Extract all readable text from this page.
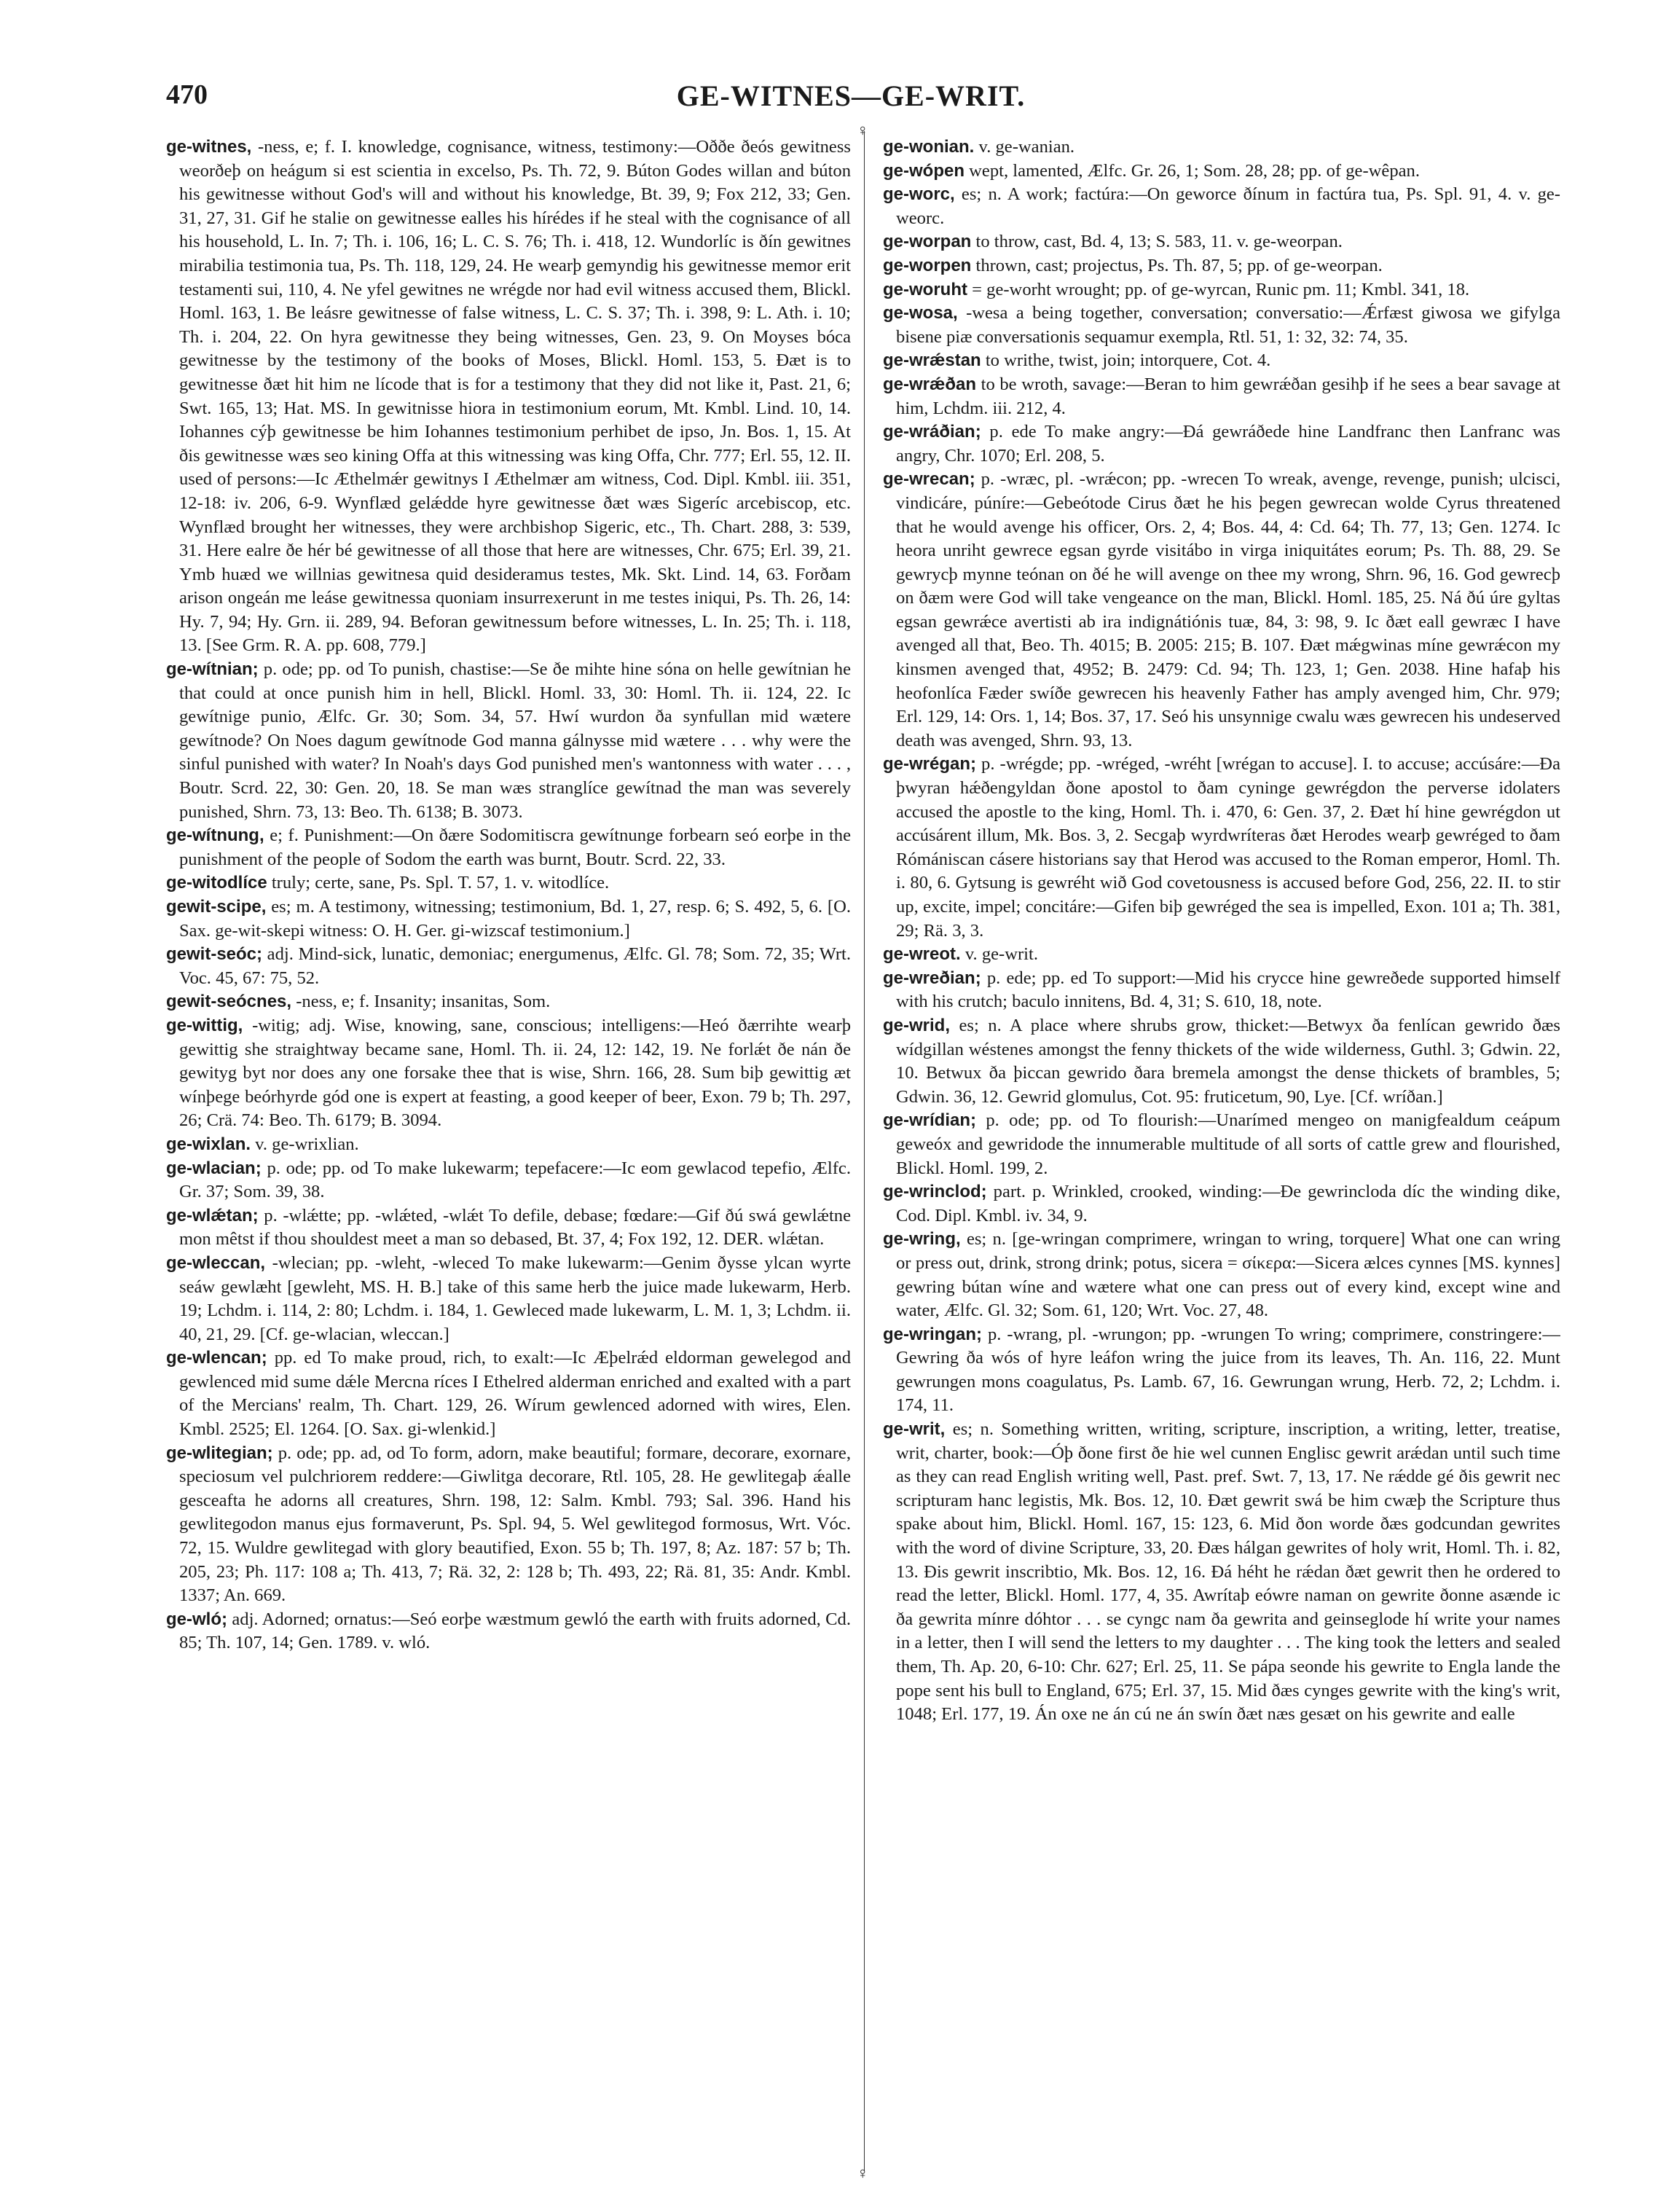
470	GE-WITNES—GE-WRIT.
♀
♀

ge-witnes, -ness, e; f. I. knowledge, cognisance, witness, testimony:—Oððe ðeós gewitness weorðeþ on heágum si est scientia in excelso, Ps. Th. 72, 9. Búton Godes willan and búton his gewitnesse without God's will and without his knowledge, Bt. 39, 9; Fox 212, 33; Gen. 31, 27, 31. Gif he stalie on gewitnesse ealles his hírédes if he steal with the cognisance of all his household, L. In. 7; Th. i. 106, 16; L. C. S. 76; Th. i. 418, 12. Wundorlíc is ðín gewitnes mirabilia testimonia tua, Ps. Th. 118, 129, 24. He wearþ gemyndig his gewitnesse memor erit testamenti sui, 110, 4. Ne yfel gewitnes ne wrégde nor had evil witness accused them, Blickl. Homl. 163, 1. Be leásre gewitnesse of false witness, L. C. S. 37; Th. i. 398, 9: L. Ath. i. 10; Th. i. 204, 22. On hyra gewitnesse they being witnesses, Gen. 23, 9. On Moyses bóca gewitnesse by the testimony of the books of Moses, Blickl. Homl. 153, 5. Ðæt is to gewitnesse ðæt hit him ne lícode that is for a testimony that they did not like it, Past. 21, 6; Swt. 165, 13; Hat. MS. In gewitnisse hiora in testimonium eorum, Mt. Kmbl. Lind. 10, 14. Iohannes cýþ gewitnesse be him Iohannes testimonium perhibet de ipso, Jn. Bos. 1, 15. At ðis gewitnesse wæs seo kining Offa at this witnessing was king Offa, Chr. 777; Erl. 55, 12. II. used of persons:—Ic Æthelmǽr gewitnys I Æthelmær am witness, Cod. Dipl. Kmbl. iii. 351, 12-18: iv. 206, 6-9. Wynflæd gelǽdde hyre gewitnesse ðæt wæs Sigeríc arcebiscop, etc. Wynflæd brought her witnesses, they were archbishop Sigeric, etc., Th. Chart. 288, 3: 539, 31. Here ealre ðe hér bé gewitnesse of all those that here are witnesses, Chr. 675; Erl. 39, 21. Ymb huæd we willnias gewitnesa quid desideramus testes, Mk. Skt. Lind. 14, 63. Forðam arison ongeán me leáse gewitnessa quoniam insurrexerunt in me testes iniqui, Ps. Th. 26, 14: Hy. 7, 94; Hy. Grn. ii. 289, 94. Beforan gewitnessum before witnesses, L. In. 25; Th. i. 118, 13. [See Grm. R. A. pp. 608, 779.]

ge-wítnian; p. ode; pp. od To punish, chastise:—Se ðe mihte hine sóna on helle gewítnian he that could at once punish him in hell, Blickl. Homl. 33, 30: Homl. Th. ii. 124, 22. Ic gewítnige punio, Ælfc. Gr. 30; Som. 34, 57. Hwí wurdon ða synfullan mid wætere gewítnode? On Noes dagum gewítnode God manna gálnysse mid wætere . . . why were the sinful punished with water? In Noah's days God punished men's wantonness with water . . . , Boutr. Scrd. 22, 30: Gen. 20, 18. Se man wæs stranglíce gewítnad the man was severely punished, Shrn. 73, 13: Beo. Th. 6138; B. 3073.

ge-wítnung, e; f. Punishment:—On ðære Sodomitiscra gewítnunge forbearn seó eorþe in the punishment of the people of Sodom the earth was burnt, Boutr. Scrd. 22, 33.

ge-witodlíce truly; certe, sane, Ps. Spl. T. 57, 1. v. witodlíce.

gewit-scipe, es; m. A testimony, witnessing; testimonium, Bd. 1, 27, resp. 6; S. 492, 5, 6. [O. Sax. ge-wit-skepi witness: O. H. Ger. gi-wizscaf testimonium.]

gewit-seóc; adj. Mind-sick, lunatic, demoniac; energumenus, Ælfc. Gl. 78; Som. 72, 35; Wrt. Voc. 45, 67: 75, 52.

gewit-seócnes, -ness, e; f. Insanity; insanitas, Som.

ge-wittig, -witig; adj. Wise, knowing, sane, conscious; intelligens:—Heó ðærrihte wearþ gewittig she straightway became sane, Homl. Th. ii. 24, 12: 142, 19. Ne forlǽt ðe nán ðe gewityg byt nor does any one forsake thee that is wise, Shrn. 166, 28. Sum biþ gewittig æt wínþege beórhyrde gód one is expert at feasting, a good keeper of beer, Exon. 79 b; Th. 297, 26; Crä. 74: Beo. Th. 6179; B. 3094.

ge-wixlan. v. ge-wrixlian.

ge-wlacian; p. ode; pp. od To make lukewarm; tepefacere:—Ic eom gewlacod tepefio, Ælfc. Gr. 37; Som. 39, 38.

ge-wlǽtan; p. -wlǽtte; pp. -wlǽted, -wlǽt To defile, debase; fœdare:—Gif ðú swá gewlǽtne mon mêtst if thou shouldest meet a man so debased, Bt. 37, 4; Fox 192, 12. DER. wlǽtan.

ge-wleccan, -wlecian; pp. -wleht, -wleced To make lukewarm:—Genim ðysse ylcan wyrte seáw gewlæht [gewleht, MS. H. B.] take of this same herb the juice made lukewarm, Herb. 19; Lchdm. i. 114, 2: 80; Lchdm. i. 184, 1. Gewleced made lukewarm, L. M. 1, 3; Lchdm. ii. 40, 21, 29. [Cf. ge-wlacian, wleccan.]

ge-wlencan; pp. ed To make proud, rich, to exalt:—Ic Æþelrǽd eldorman gewelegod and gewlenced mid sume dǽle Mercna ríces I Ethelred alderman enriched and exalted with a part of the Mercians' realm, Th. Chart. 129, 26. Wírum gewlenced adorned with wires, Elen. Kmbl. 2525; El. 1264. [O. Sax. gi-wlenkid.]

ge-wlitegian; p. ode; pp. ad, od To form, adorn, make beautiful; formare, decorare, exornare, speciosum vel pulchriorem reddere:—Giwlitga decorare, Rtl. 105, 28. He gewlitegaþ ǽalle gesceafta he adorns all creatures, Shrn. 198, 12: Salm. Kmbl. 793; Sal. 396. Hand his gewlitegodon manus ejus formaverunt, Ps. Spl. 94, 5. Wel gewlitegod formosus, Wrt. Vóc. 72, 15. Wuldre gewlitegad with glory beautified, Exon. 55 b; Th. 197, 8; Az. 187: 57 b; Th. 205, 23; Ph. 117: 108 a; Th. 413, 7; Rä. 32, 2: 128 b; Th. 493, 22; Rä. 81, 35: Andr. Kmbl. 1337; An. 669.

ge-wló; adj. Adorned; ornatus:—Seó eorþe wæstmum gewló the earth with fruits adorned, Cd. 85; Th. 107, 14; Gen. 1789. v. wló.

ge-wonian. v. ge-wanian.

ge-wópen wept, lamented, Ælfc. Gr. 26, 1; Som. 28, 28; pp. of ge-wêpan.

ge-worc, es; n. A work; factúra:—On geworce ðínum in factúra tua, Ps. Spl. 91, 4. v. ge-weorc.

ge-worpan to throw, cast, Bd. 4, 13; S. 583, 11. v. ge-weorpan.

ge-worpen thrown, cast; projectus, Ps. Th. 87, 5; pp. of ge-weorpan.

ge-woruht = ge-worht wrought; pp. of ge-wyrcan, Runic pm. 11; Kmbl. 341, 18.

ge-wosa, -wesa a being together, conversation; conversatio:—Ǽrfæst giwosa we gifylga bisene piæ conversationis sequamur exempla, Rtl. 51, 1: 32, 32: 74, 35.

ge-wrǽstan to writhe, twist, join; intorquere, Cot. 4.

ge-wrǽðan to be wroth, savage:—Beran to him gewrǽðan gesihþ if he sees a bear savage at him, Lchdm. iii. 212, 4.

ge-wráðian; p. ede To make angry:—Ðá gewráðede hine Landfranc then Lanfranc was angry, Chr. 1070; Erl. 208, 5.

ge-wrecan; p. -wræc, pl. -wrǽcon; pp. -wrecen To wreak, avenge, revenge, punish; ulcisci, vindicáre, púníre:—Gebeótode Cirus ðæt he his þegen gewrecan wolde Cyrus threatened that he would avenge his officer, Ors. 2, 4; Bos. 44, 4: Cd. 64; Th. 77, 13; Gen. 1274. Ic heora unriht gewrece egsan gyrde visitábo in virga iniquitátes eorum; Ps. Th. 88, 29. Se gewrycþ mynne teónan on ðé he will avenge on thee my wrong, Shrn. 96, 16. God gewrecþ on ðæm were God will take vengeance on the man, Blickl. Homl. 185, 25. Ná ðú úre gyltas egsan gewrǽce avertisti ab ira indignátiónis tuæ, 84, 3: 98, 9. Ic ðæt eall gewræc I have avenged all that, Beo. Th. 4015; B. 2005: 215; B. 107. Ðæt mǽgwinas míne gewrǽcon my kinsmen avenged that, 4952; B. 2479: Cd. 94; Th. 123, 1; Gen. 2038. Hine hafaþ his heofonlíca Fæder swíðe gewrecen his heavenly Father has amply avenged him, Chr. 979; Erl. 129, 14: Ors. 1, 14; Bos. 37, 17. Seó his unsynnige cwalu wæs gewrecen his undeserved death was avenged, Shrn. 93, 13.

ge-wrégan; p. -wrégde; pp. -wréged, -wréht [wrégan to accuse]. I. to accuse; accúsáre:—Ða þwyran hǽðengyldan ðone apostol to ðam cyninge gewrégdon the perverse idolaters accused the apostle to the king, Homl. Th. i. 470, 6: Gen. 37, 2. Ðæt hí hine gewrégdon ut accúsárent illum, Mk. Bos. 3, 2. Secgaþ wyrdwríteras ðæt Herodes wearþ gewréged to ðam Rómániscan cásere historians say that Herod was accused to the Roman emperor, Homl. Th. i. 80, 6. Gytsung is gewréht wið God covetousness is accused before God, 256, 22. II. to stir up, excite, impel; concitáre:—Gifen biþ gewréged the sea is impelled, Exon. 101 a; Th. 381, 29; Rä. 3, 3.

ge-wreot. v. ge-writ.

ge-wreðian; p. ede; pp. ed To support:—Mid his crycce hine gewreðede supported himself with his crutch; baculo innitens, Bd. 4, 31; S. 610, 18, note.

ge-wrid, es; n. A place where shrubs grow, thicket:—Betwyx ða fenlícan gewrido ðæs wídgillan wéstenes amongst the fenny thickets of the wide wilderness, Guthl. 3; Gdwin. 22, 10. Betwux ða þiccan gewrido ðara bremela amongst the dense thickets of brambles, 5; Gdwin. 36, 12. Gewrid glomulus, Cot. 95: fruticetum, 90, Lye. [Cf. wríðan.]

ge-wrídian; p. ode; pp. od To flourish:—Unarímed mengeo on manigfealdum ceápum geweóx and gewridode the innumerable multitude of all sorts of cattle grew and flourished, Blickl. Homl. 199, 2.

ge-wrinclod; part. p. Wrinkled, crooked, winding:—Ðe gewrincloda díc the winding dike, Cod. Dipl. Kmbl. iv. 34, 9.

ge-wring, es; n. [ge-wringan comprimere, wringan to wring, torquere] What one can wring or press out, drink, strong drink; potus, sicera = σίκερα:—Sicera ælces cynnes [MS. kynnes] gewring bútan wíne and wætere what one can press out of every kind, except wine and water, Ælfc. Gl. 32; Som. 61, 120; Wrt. Voc. 27, 48.

ge-wringan; p. -wrang, pl. -wrungon; pp. -wrungen To wring; comprimere, constringere:—Gewring ða wós of hyre leáfon wring the juice from its leaves, Th. An. 116, 22. Munt gewrungen mons coagulatus, Ps. Lamb. 67, 16. Gewrungan wrung, Herb. 72, 2; Lchdm. i. 174, 11.

ge-writ, es; n. Something written, writing, scripture, inscription, a writing, letter, treatise, writ, charter, book:—Óþ ðone first ðe hie wel cunnen Englisc gewrit arǽdan until such time as they can read English writing well, Past. pref. Swt. 7, 13, 17. Ne rǽdde gé ðis gewrit nec scripturam hanc legistis, Mk. Bos. 12, 10. Ðæt gewrit swá be him cwæþ the Scripture thus spake about him, Blickl. Homl. 167, 15: 123, 6. Mid ðon worde ðæs godcundan gewrites with the word of divine Scripture, 33, 20. Ðæs hálgan gewrites of holy writ, Homl. Th. i. 82, 13. Ðis gewrit inscribtio, Mk. Bos. 12, 16. Ðá héht he rǽdan ðæt gewrit then he ordered to read the letter, Blickl. Homl. 177, 4, 35. Awrítaþ eówre naman on gewrite ðonne asænde ic ða gewrita mínre dóhtor . . . se cyngc nam ða gewrita and geinseglode hí write your names in a letter, then I will send the letters to my daughter . . . The king took the letters and sealed them, Th. Ap. 20, 6-10: Chr. 627; Erl. 25, 11. Se pápa seonde his gewrite to Engla lande the pope sent his bull to England, 675; Erl. 37, 15. Mid ðæs cynges gewrite with the king's writ, 1048; Erl. 177, 19. Án oxe ne án cú ne án swín ðæt næs gesæt on his gewrite and ealle
